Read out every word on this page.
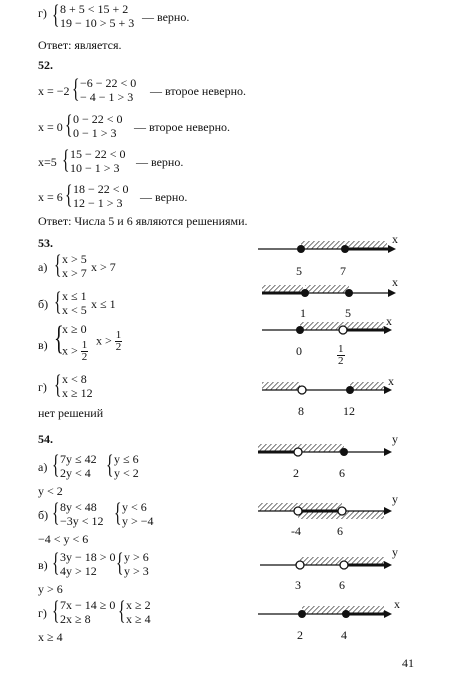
г) { 8 + 5 < 15 + 2
19 − 10 > 5 + 3 — верно.
Ответ: является.
52.
x = −2 { −6 − 22 < 0
− 4 − 1 > 3 — второе неверно.
x = 0 { 0 − 22 < 0
0 − 1 > 3 — второе неверно.
x=5 { 15 − 22 < 0
10 − 1 > 3 — верно.
x = 6 { 18 − 22 < 0
12 − 1 > 3 — верно.
Ответ: Числа 5 и 6 являются решениями.
53.
а) { x > 5
x > 7 x > 7
б) { x ≤ 1
x < 5 x ≤ 1
в) {
x ≥ 0
$x > \frac{1}{2}$ $x > \frac{1}{2}$
г) { x < 8
x ≥ 12
нет решений
54.
а) { 7y ≤ 42
2y < 4 { y ≤ 6
y < 2
y < 2
б) { 8y < 48
−3y < 12 { y < 6
y > −4
−4 < y < 6
в) { 3y − 18 > 0
4y > 12 { y > 6
y > 3
y > 6
г) { 7x − 14 ≥ 0
2x ≥ 8 { x ≥ 2
x ≥ 4
x ≥ 4
x
5	7
x
1	5
x
0	$\frac{1}{2}$
x
8	12
y
2	6
y
-4	6
y
3	6
x
2	4
41
